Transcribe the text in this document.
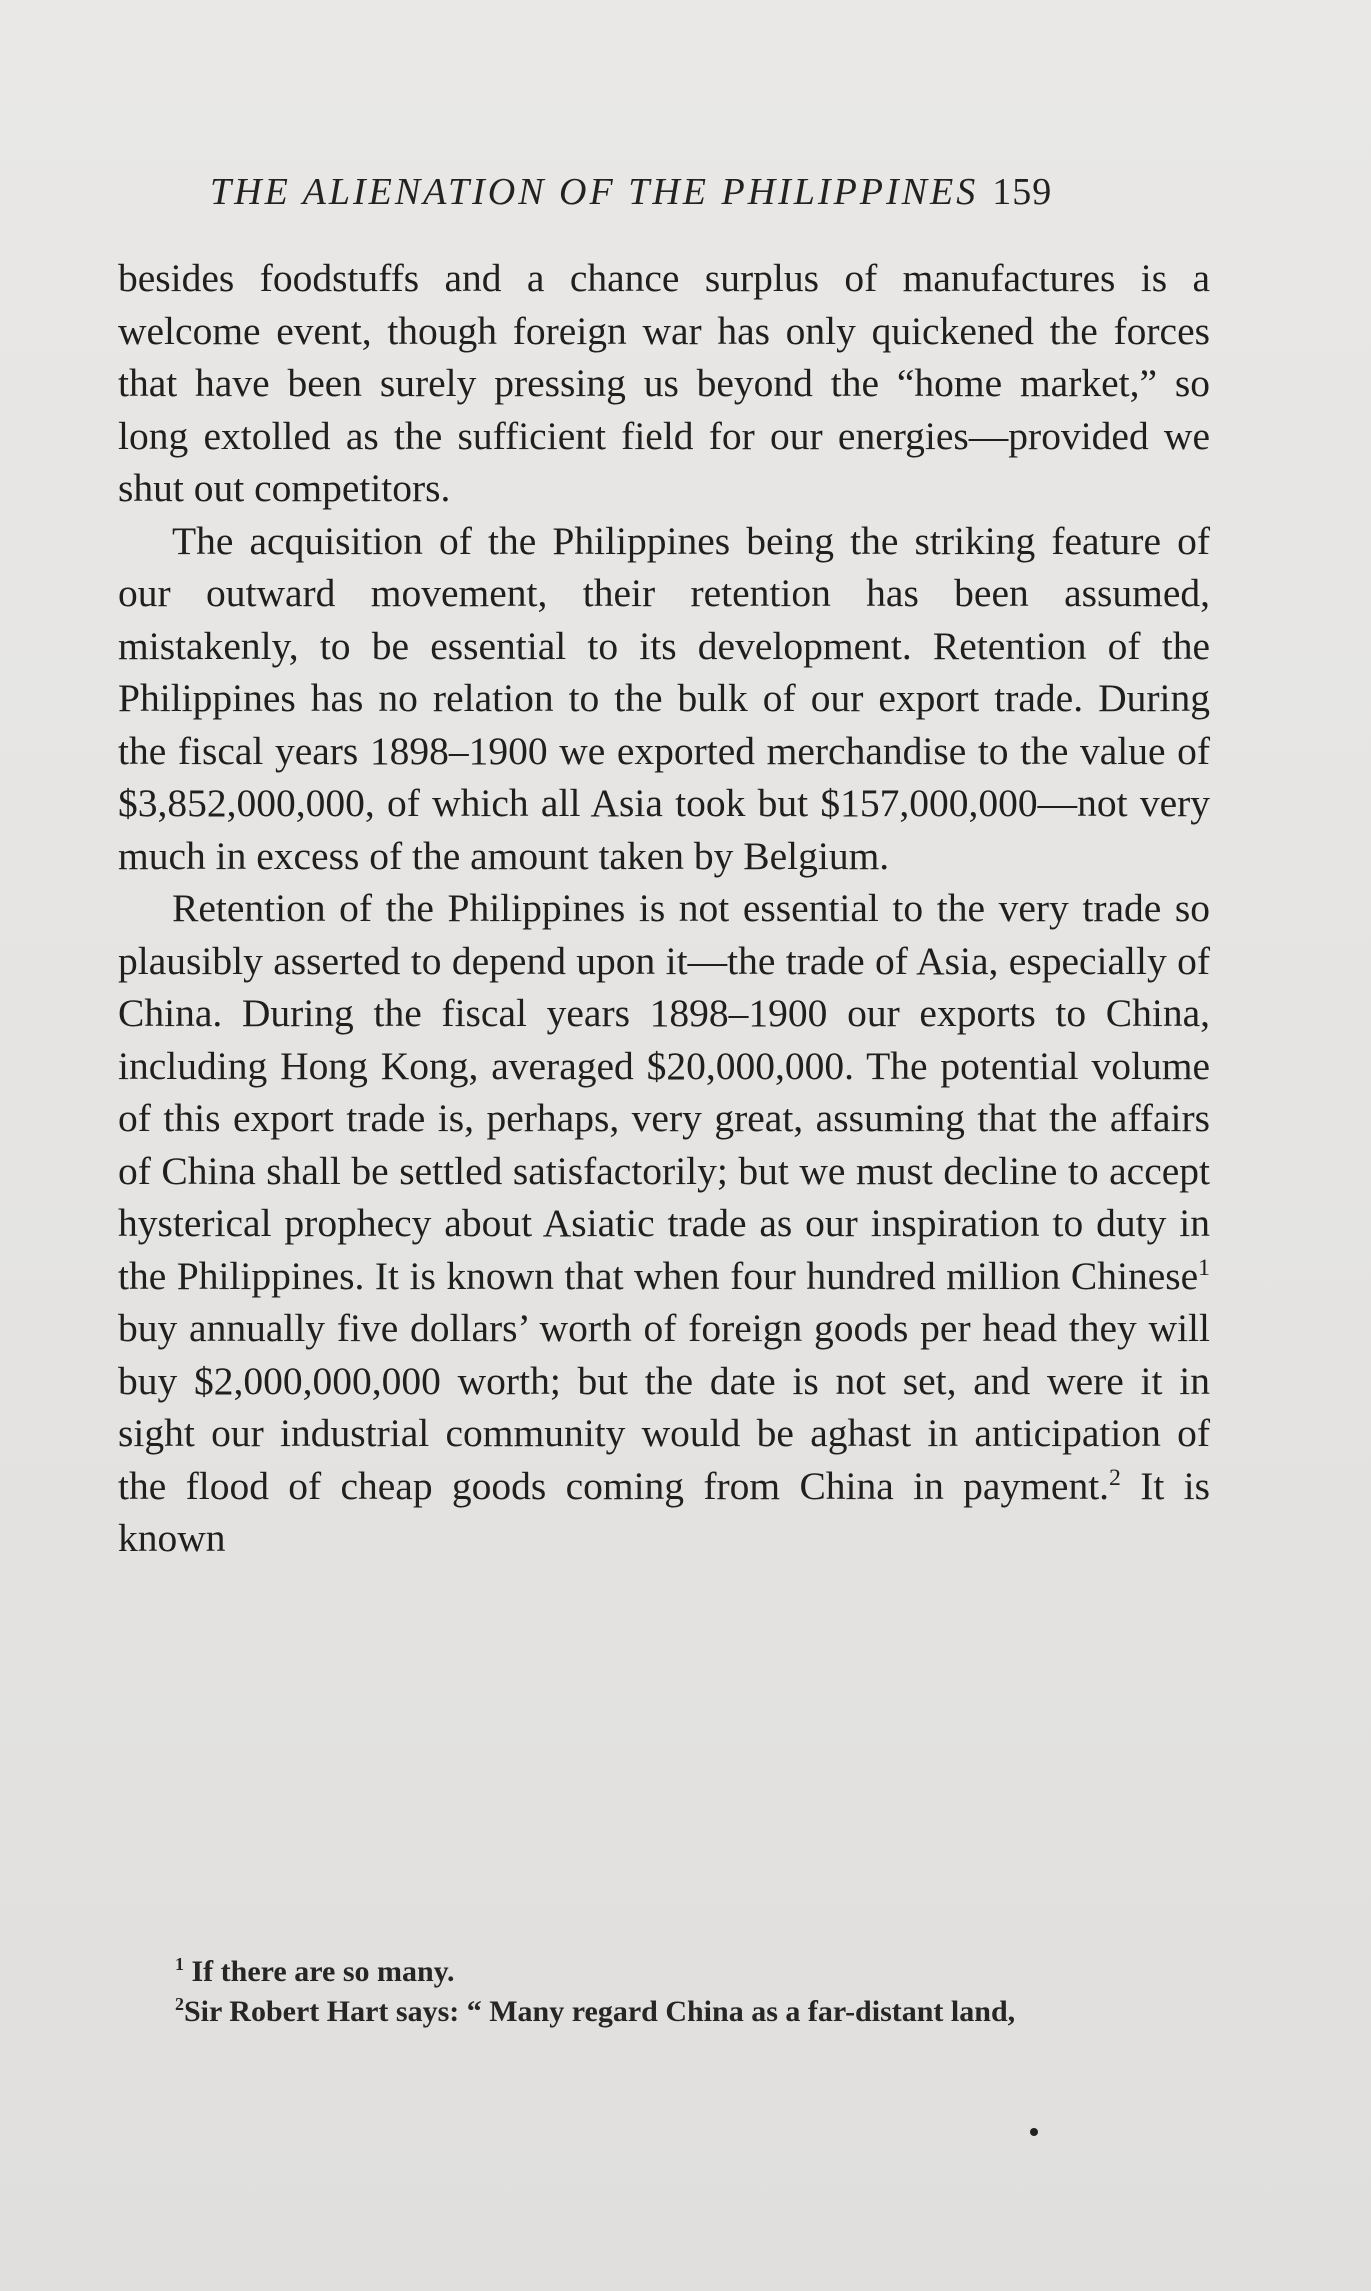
THE ALIENATION OF THE PHILIPPINES 159

besides foodstuffs and a chance surplus of manufactures is a welcome event, though foreign war has only quickened the forces that have been surely pressing us beyond the “home market,” so long extolled as the sufficient field for our energies—provided we shut out competitors.

The acquisition of the Philippines being the striking feature of our outward movement, their retention has been assumed, mistakenly, to be essential to its development. Retention of the Philippines has no relation to the bulk of our export trade. During the fiscal years 1898–1900 we exported merchandise to the value of $3,852,000,000, of which all Asia took but $157,000,000—not very much in excess of the amount taken by Belgium.

Retention of the Philippines is not essential to the very trade so plausibly asserted to depend upon it—the trade of Asia, especially of China. During the fiscal years 1898–1900 our exports to China, including Hong Kong, averaged $20,000,000. The potential volume of this export trade is, perhaps, very great, assuming that the affairs of China shall be settled satisfactorily; but we must decline to accept hysterical prophecy about Asiatic trade as our inspiration to duty in the Philippines. It is known that when four hundred million Chinese$^1$ buy annually five dollars’ worth of foreign goods per head they will buy $2,000,000,000 worth; but the date is not set, and were it in sight our industrial community would be aghast in anticipation of the flood of cheap goods coming from China in payment.$^2$ It is known

$^1$ If there are so many.
$^2$Sir Robert Hart says: “ Many regard China as a far-distant land,
